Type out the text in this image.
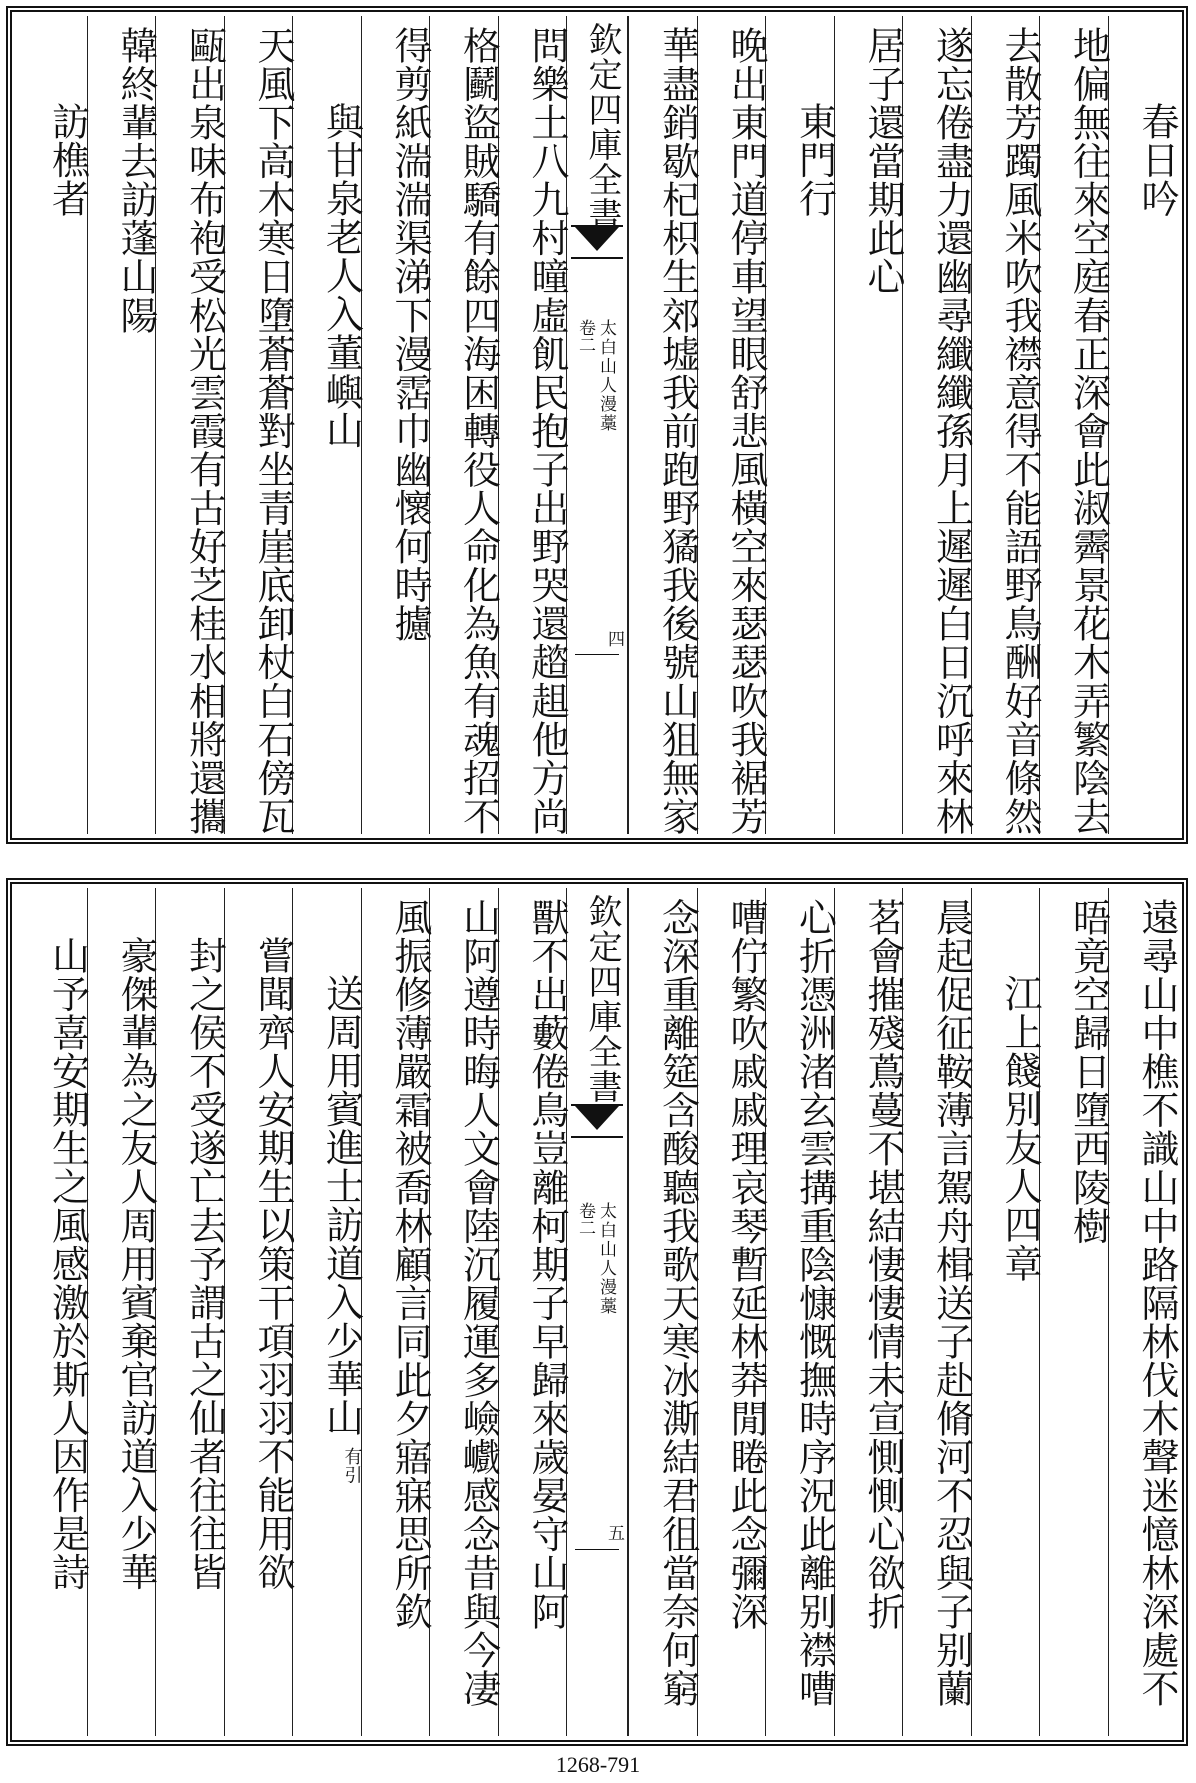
春日吟
地偏無往來空庭春正深會此淑霽景花木弄繁陰去
去散芳躅風米吹我襟意得不能語野鳥酬好音條然
遂忘倦盡力還幽尋纖纖孫月上遲遲白日沉呼來林
居子還當期此心
東門行
晚出東門道停車望眼舒悲風橫空來瑟瑟吹我裾芳
華盡銷歇杞枳生郊墟我前跑野獝我後號山狙無家
欽定四庫全書
太白山人漫藁
卷二
四
問樂土八九村曈虛飢民抱子出野哭還趦趄他方尚
格鬬盜賊驕有餘四海困轉役人命化為魚有魂招不
得剪紙湍湍渠涕下漫霑巾幽懷何時攄
與甘泉老人入董嶼山
天風下高木寒日墮蒼蒼對坐青崖底卸杖白石傍瓦
甌出泉味布袍受松光雲霞有古好芝桂水相將還攜
韓終輩去訪蓬山陽
訪樵者
遠尋山中樵不識山中路隔林伐木聲迷憶林深處不
晤竟空歸日墮西陵樹
江上餞別友人四章
晨起促征鞍薄言駕舟楫送子赴脩河不忍與子别蘭
茗會摧殘蔦蔓不堪結悽悽情未宣惻惻心欲折
心折憑洲渚玄雲搆重陰慷慨撫時序況此離别襟嘈
嘈佇繁吹戚戚理哀琴暫延林莽閒睠此念彌深
念深重離筵含酸聽我歌天寒冰澌結君徂當奈何窮
欽定四庫全書
太白山人漫藁
卷二
五
獸不出藪倦鳥豈離柯期子早歸來歲晏守山阿
山阿遵時晦人文會陸沉履運多嶮巇感念昔與今凄
風振修薄嚴霜被喬林顧言同此夕寤寐思所欽
送周用賓進士訪道入少華山
有引
嘗聞齊人安期生以策干項羽羽不能用欲
封之侯不受遂亡去予謂古之仙者往往皆
豪傑輩為之友人周用賓棄官訪道入少華
山予喜安期生之風感激於斯人因作是詩
1268-791
